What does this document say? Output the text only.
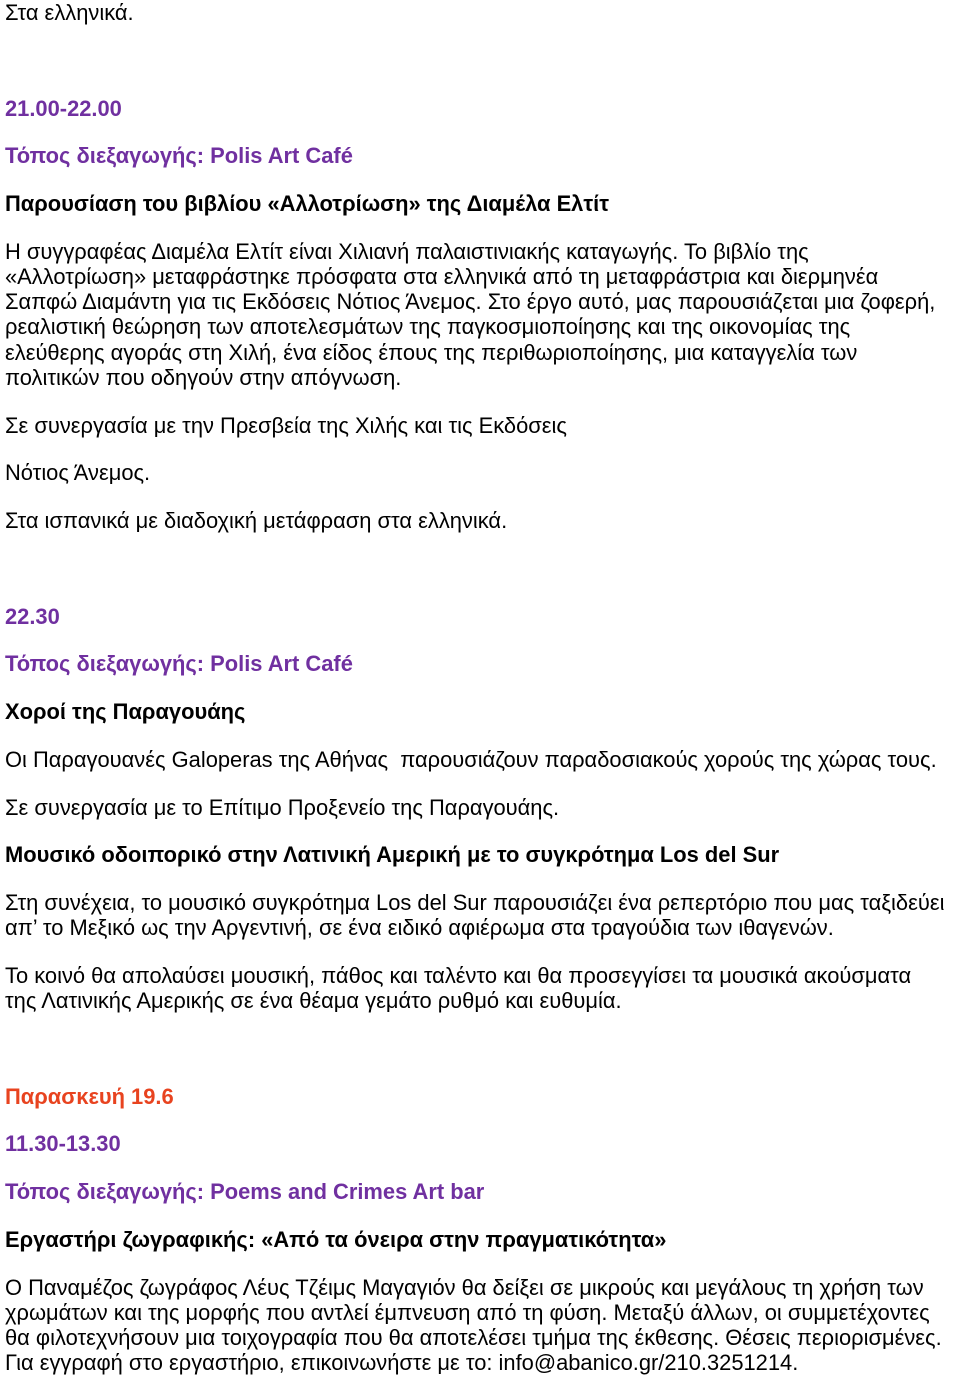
Στα ελληνικά.
21.00-22.00
Τόπος διεξαγωγής: Polis Art Café
Παρουσίαση του βιβλίου «Αλλοτρίωση» της Διαμέλα Ελτίτ
Η συγγραφέας Διαμέλα Ελτίτ είναι Χιλιανή παλαιστινιακής καταγωγής. Το βιβλίο της
«Αλλοτρίωση» μεταφράστηκε πρόσφατα στα ελληνικά από τη μεταφράστρια και διερμηνέα
Σαπφώ Διαμάντη για τις Εκδόσεις Νότιος Άνεμος. Στο έργο αυτό, μας παρουσιάζεται μια ζοφερή,
ρεαλιστική θεώρηση των αποτελεσμάτων της παγκοσμιοποίησης και της οικονομίας της
ελεύθερης αγοράς στη Χιλή, ένα είδος έπους της περιθωριοποίησης, μια καταγγελία των
πολιτικών που οδηγούν στην απόγνωση.
Σε συνεργασία με την Πρεσβεία της Χιλής και τις Εκδόσεις
Νότιος Άνεμος.
Στα ισπανικά με διαδοχική μετάφραση στα ελληνικά.
22.30
Τόπος διεξαγωγής: Polis Art Café
Χοροί της Παραγουάης
Οι Παραγουανές Galoperas της Αθήνας  παρουσιάζουν παραδοσιακούς χορούς της χώρας τους.
Σε συνεργασία με το Επίτιμο Προξενείο της Παραγουάης.
Μουσικό οδοιπορικό στην Λατινική Αμερική με το συγκρότημα Los del Sur
Στη συνέχεια, το μουσικό συγκρότημα Los del Sur παρουσιάζει ένα ρεπερτόριο που μας ταξιδεύει
απ’ το Μεξικό ως την Αργεντινή, σε ένα ειδικό αφιέρωμα στα τραγούδια των ιθαγενών.
Το κοινό θα απολαύσει μουσική, πάθος και ταλέντο και θα προσεγγίσει τα μουσικά ακούσματα
της Λατινικής Αμερικής σε ένα θέαμα γεμάτο ρυθμό και ευθυμία.
Παρασκευή 19.6
11.30-13.30
Τόπος διεξαγωγής: Poems and Crimes Art bar
Εργαστήρι ζωγραφικής: «Από τα όνειρα στην πραγματικότητα»
Ο Παναμέζος ζωγράφος Λέυς Τζέιμς Μαγαγιόν θα δείξει σε μικρούς και μεγάλους τη χρήση των
χρωμάτων και της μορφής που αντλεί έμπνευση από τη φύση. Μεταξύ άλλων, οι συμμετέχοντες
θα φιλοτεχνήσουν μια τοιχογραφία που θα αποτελέσει τμήμα της έκθεσης. Θέσεις περιορισμένες.
Για εγγραφή στο εργαστήριο, επικοινωνήστε με το: info@abanico.gr/210.3251214.
